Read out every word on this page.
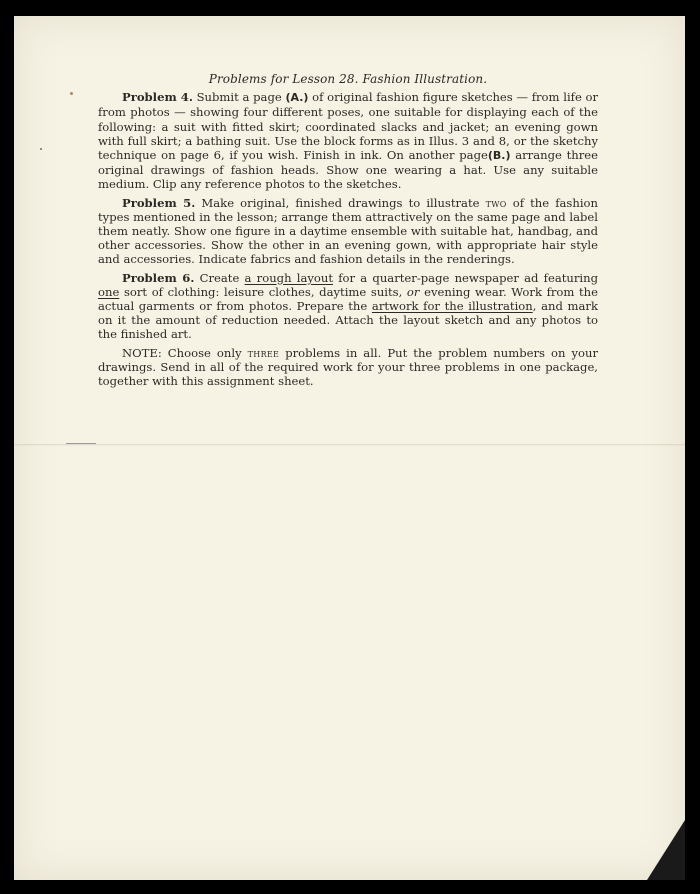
Problems for Lesson 28. Fashion Illustration.

Problem 4. Submit a page (A.) of original fashion figure sketches — from life or from photos — showing four different poses, one suitable for displaying each of the following: a suit with fitted skirt; coordinated slacks and jacket; an evening gown with full skirt; a bathing suit. Use the block forms as in Illus. 3 and 8, or the sketchy technique on page 6, if you wish. Finish in ink. On another page(B.) arrange three original drawings of fashion heads. Show one wearing a hat. Use any suitable medium. Clip any reference photos to the sketches.

Problem 5. Make original, finished drawings to illustrate two of the fashion types mentioned in the lesson; arrange them attractively on the same page and label them neatly. Show one figure in a daytime ensemble with suitable hat, handbag, and other accessories. Show the other in an evening gown, with appropriate hair style and accessories. Indicate fabrics and fashion details in the renderings.

Problem 6. Create a rough layout for a quarter-page newspaper ad featuring one sort of clothing: leisure clothes, daytime suits, or evening wear. Work from the actual garments or from photos. Prepare the artwork for the illustration, and mark on it the amount of reduction needed. Attach the layout sketch and any photos to the finished art.

NOTE: Choose only three problems in all. Put the problem numbers on your drawings. Send in all of the required work for your three problems in one package, together with this assignment sheet.
